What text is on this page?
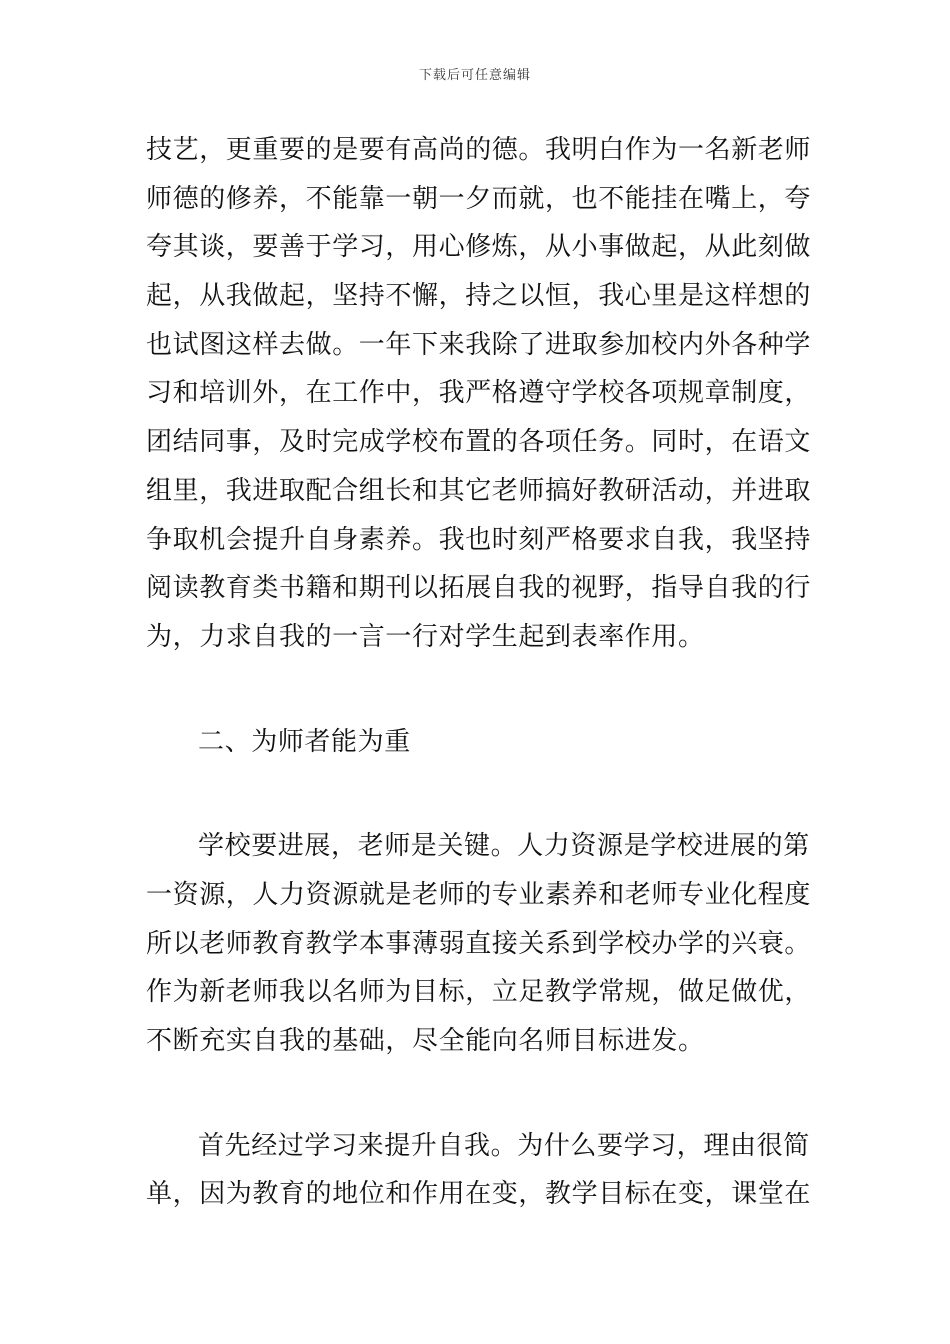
下载后可任意编辑
技艺，更重要的是要有高尚的德。我明白作为一名新老师
师德的修养，不能靠一朝一夕而就，也不能挂在嘴上，夸
夸其谈，要善于学习，用心修炼，从小事做起，从此刻做
起，从我做起，坚持不懈，持之以恒，我心里是这样想的
也试图这样去做。一年下来我除了进取参加校内外各种学
习和培训外，在工作中，我严格遵守学校各项规章制度，
团结同事，及时完成学校布置的各项任务。同时，在语文
组里，我进取配合组长和其它老师搞好教研活动，并进取
争取机会提升自身素养。我也时刻严格要求自我，我坚持
阅读教育类书籍和期刊以拓展自我的视野，指导自我的行
为，力求自我的一言一行对学生起到表率作用。
二、为师者能为重
学校要进展，老师是关键。人力资源是学校进展的第
一资源，人力资源就是老师的专业素养和老师专业化程度
所以老师教育教学本事薄弱直接关系到学校办学的兴衰。
作为新老师我以名师为目标，立足教学常规，做足做优，
不断充实自我的基础，尽全能向名师目标进发。
首先经过学习来提升自我。为什么要学习，理由很简
单，因为教育的地位和作用在变，教学目标在变，课堂在
